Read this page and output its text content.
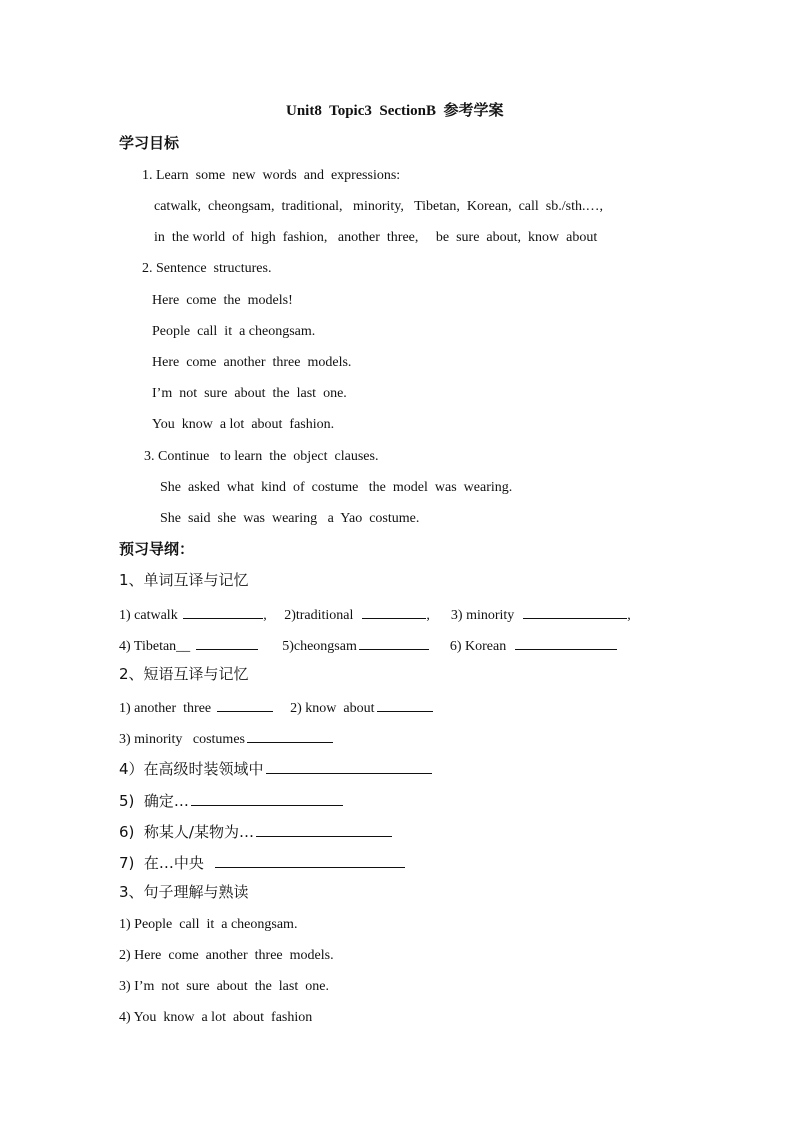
Unit8  Topic3  SectionB  参考学案
学习目标
1. Learn  some  new  words  and  expressions:
catwalk,  cheongsam,  traditional,   minority,   Tibetan,  Korean,  call  sb./sth.…,
in  the world  of  high  fashion,   another  three,     be  sure  about,  know  about
2. Sentence  structures.
Here  come  the  models!
People  call  it  a cheongsam.
Here  come  another  three  models.
I’m  not  sure  about  the  last  one.
You  know  a lot  about  fashion.
3. Continue   to learn  the  object  clauses.
She  asked  what  kind  of  costume   the  model  was  wearing.
She  said  she  was  wearing   a  Yao  costume.
预习导纲：
1、单词互译与记忆
1) catwalk	,     2)traditional	,      3) minority	,
4) Tibetan__	5)cheongsam	6) Korean
2、短语互译与记忆
1) another  three	2) know  about
3) minority   costumes
4）在高级时装领域中
5)  确定…
6)  称某人/某物为…
7)  在…中央
3、句子理解与熟读
1) People  call  it  a cheongsam.
2) Here  come  another  three  models.
3) I’m  not  sure  about  the  last  one.
4) You  know  a lot  about  fashion
